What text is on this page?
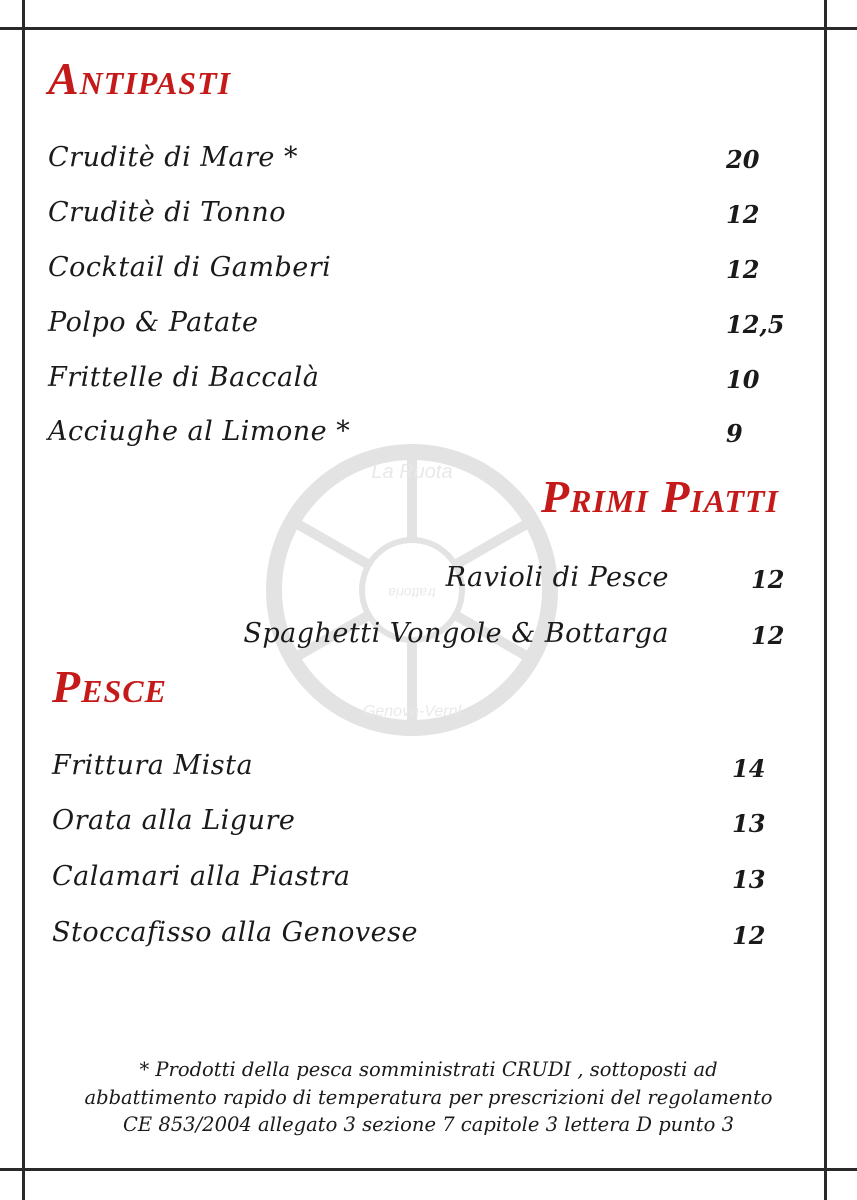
La Ruota
trattoria
Genova-Vernl
Antipasti
Cruditè di Mare *	20
Cruditè di Tonno	12
Cocktail di Gamberi	12
Polpo & Patate	12,5
Frittelle di Baccalà	10
Acciughe al Limone *	9
Primi Piatti
Ravioli di Pesce	12
Spaghetti Vongole & Bottarga	12
Pesce
Frittura Mista	14
Orata alla Ligure	13
Calamari alla Piastra	13
Stoccafisso alla Genovese	12

* Prodotti della pesca somministrati CRUDI , sottoposti ad
abbattimento rapido di temperatura per prescrizioni del regolamento
CE 853/2004 allegato 3 sezione 7 capitole 3 lettera D punto 3
